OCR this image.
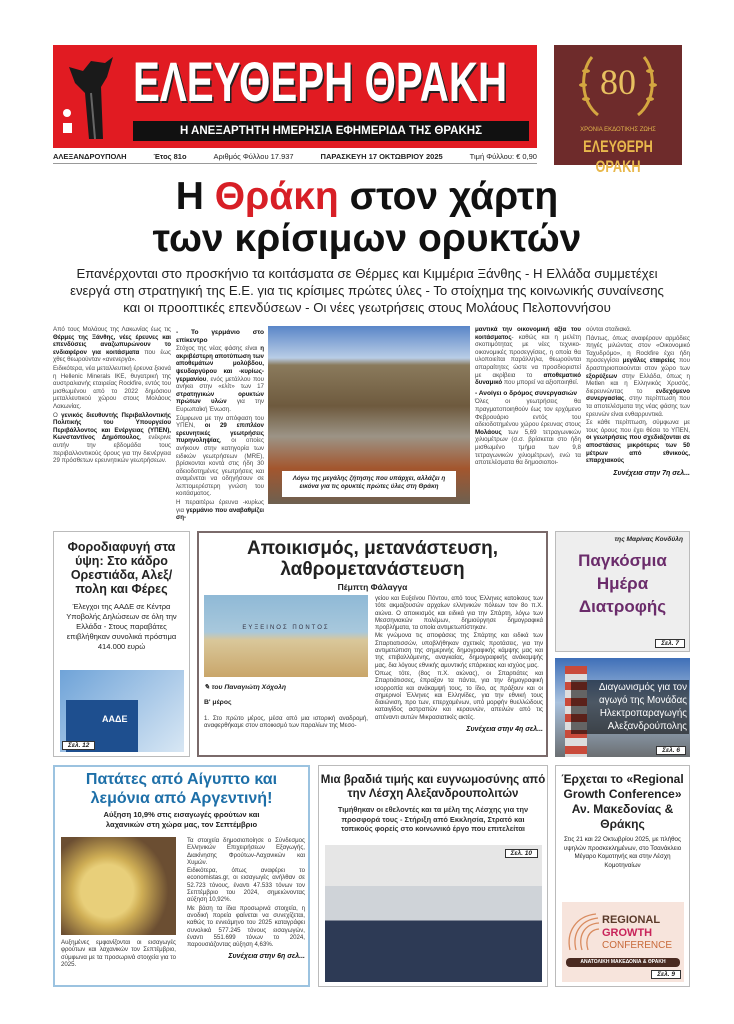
ΕΛΕΥΘΕΡΗ ΘΡΑΚΗ
Η ΑΝΕΞΑΡΤΗΤΗ ΗΜΕΡΗΣΙΑ ΕΦΗΜΕΡΙΔΑ ΤΗΣ ΘΡΑΚΗΣ
80
ΧΡΟΝΙΑ ΕΚΔΟΤΙΚΗΣ ΖΩΗΣ
ΕΛΕΥΘΕΡΗ ΘΡΑΚΗ
ΑΛΕΞΑΝΔΡΟΥΠΟΛΗ	Έτος 81ο	Αριθμός Φύλλου 17.937	ΠΑΡΑΣΚΕΥΗ 17 ΟΚΤΩΒΡΙΟΥ 2025	Τιμή Φύλλου: € 0,90
Η Θράκη στον χάρτη
των κρίσιμων ορυκτών
Επανέρχονται στο προσκήνιο τα κοιτάσματα σε Θέρμες και Κιμμέρια Ξάνθης - Η Ελλάδα συμμετέχει ενεργά στη στρατηγική της Ε.Ε. για τις κρίσιμες πρώτες ύλες - Το στοίχημα της κοινωνικής συναίνεσης και οι προοπτικές επενδύσεων - Οι νέες γεωτρήσεις στους Μολάους Πελοποννήσου

Από τους Μολάους της Λακωνίας έως τις Θέρμες της Ξάνθης, νέες έρευνες και επενδύσεις αναζωπυρώνουν το ενδιαφέρον για κοιτάσματα που έως χθες θεωρούνταν «ανενεργά».

Ειδικότερα, νέα μεταλλευτική έρευνα ξεκινά η Hellenic Minerals IKE, θυγατρική της αυστραλιανής εταιρείας Rockfire, εντός του μισθωμένου από το 2022 δημόσιου μεταλλευτικού χώρου στους Μολάους Λακωνίας.

Ο γενικός διευθυντής Περιβαλλοντικής Πολιτικής του Υπουργείου Περιβάλλοντος και Ενέργειας (ΥΠΕΝ), Κωνσταντίνος Δημόπουλος, ενέκρινε αυτήν την εβδομάδα τους περιβαλλοντικούς όρους για την διενέργεια 29 πρόσθετων ερευνητικών γεωτρήσεων.

- Το γερμάνιο στο επίκεντρο

Στόχος της νέας φάσης είναι η ακριβέστερη αποτύπωση των αποθεμάτων μολύβδου, ψευδαργύρου και -κυρίως- γερμανίου, ενός μετάλλου που ανήκει στην «ελίτ» των 17 στρατηγικών ορυκτών πρώτων υλών για την Ευρωπαϊκή Ένωση.

Σύμφωνα με την απόφαση του ΥΠΕΝ, οι 29 επιπλέον ερευνητικές γεωτρήσεις πυρηνοληψίας, οι οποίες ανήκουν στην κατηγορία των ειδικών γεωτρήσεων (MRE), βρίσκονται κοντά στις ήδη 30 αδειοδοτημένες γεωτρήσεις και αναμένεται να οδηγήσουν σε λεπτομερέστερη γνώση του κοιτάσματος.

Η περαιτέρω έρευνα -κυρίως για γερμάνιο που αναβαθμίζει ση-

Λόγω της μεγάλης ζήτησης που υπάρχει, αλλάζει η εικόνα για τις ορυκτές πρώτες ύλες στη Θράκη

μαντικά την οικονομική αξία του κοιτάσματος- καθώς και η μελέτη σκοπιμότητας με νέες τεχνικο-οικονομικές προσεγγίσεις, η οποία θα υλοποιείται παράλληλα, θεωρούνται απαραίτητες ώστε να προσδιοριστεί με ακρίβεια το αποθεματικό δυναμικό που μπορεί να αξιοποιηθεί.

- Ανοίγει ο δρόμος συνεργασιών

Όλες οι γεωτρήσεις θα πραγματοποιηθούν έως τον ερχόμενο Φεβρουάριο εντός του αδειοδοτημένου χώρου έρευνας στους Μολάους των 5,69 τετραγωνικών χιλιομέτρων (σ.σ. βρίσκεται στο ήδη μισθωμένο τμήμα των 9,8 τετραγωνικών χιλιομέτρων), ενώ τα αποτελέσματα θα δημοσιοποι-

ούνται σταδιακά.

Πάντως, όπως αναφέρουν αρμόδιες πηγές μιλώντας στον «Οικονομικό Ταχυδρόμο», η Rockfire έχει ήδη προσεγγίσει μεγάλες εταιρείες που δραστηριοποιούνται στον χώρο των εξορύξεων στην Ελλάδα, όπως η Metlen και η Ελληνικός Χρυσός, διερευνώντας το ενδεχόμενο συνεργασίας, στην περίπτωση που τα αποτελέσματα της νέας φάσης των ερευνών είναι ενθαρρυντικά.

Σε κάθε περίπτωση, σύμφωνα με τους όρους που έχει θέσει το ΥΠΕΝ, οι γεωτρήσεις που σχεδιάζονται σε αποστάσεις μικρότερες των 50 μέτρων από εθνικούς, επαρχιακούς

Συνέχεια στην 7η σελ...
Φοροδιαφυγή στα ύψη: Στο κάδρο Ορεστιάδα, Αλεξ/πολη και Φέρες
Έλεγχοι της ΑΑΔΕ σε Κέντρα Υποβολής Δηλώσεων σε όλη την Ελλάδα - Στους παραβάτες επιβλήθηκαν συνολικά πρόστιμα 414.000 ευρώ
ΑΑΔΕ
Σελ. 12
Αποικισμός, μετανάστευση, λαθρομετανάστευση
Πέμπτη Φάλαγγα
ΕΥΞΕΙΝΟΣ ΠΟΝΤΟΣ
✎ του Παναγιώτη Χόχολη
Β' μέρος
1. Στο πρώτο μέρος, μέσα από μια ιστορική αναδρομή, αναφερθήκαμε στον αποικισμό των παραλίων της Μεσο-

γείου και Ευξείνου Πόντου, από τους Έλληνες κατοίκους των τότε ακμαζουσών αρχαίων ελληνικών πόλεων τον 8ο π.Χ. αιώνα. Ο αποικισμός και ειδικά για την Σπάρτη, λόγω των Μεσσηνιακών πολέμων, δημιούργησε δημογραφικά προβλήματα, τα οποία αντιμετωπίστηκαν.

Με γνώμονα τις αποφάσεις της Σπάρτης και ειδικά των Σπαρτιατισσών, υποβλήθηκαν σχετικές προτάσεις, για την αντιμετώπιση της σημερινής δημογραφικής κάμψης μας και της επιβαλλόμενης, αναγκαίας, δημογραφικής ανάκαμψής μας, δια λόγους εθνικής αμυντικής επάρκειας και ισχύος μας.

Όπως τότε, (8ος π.Χ. αιώνας), οι Σπαρτιάτες και Σπαρτιάτισσες, έπραξαν τα πάντα, για την δημογραφική ισορροπία και ανάκαμψή τους, το ίδιο, ας πράξουν και οι σημερινοί Έλληνες και Ελληνίδες, για την εθνική τους διαιώνιση, προ των, επερχομένων, υπό μορφήν θυελλώδους καταιγίδος αστραπών και κεραυνών, απειλών από τις απέναντι αυτών Μικρασιατικές ακτές.

Συνέχεια στην 4η σελ...
της Μαρίνας Κονδύλη
Παγκόσμια Ημέρα Διατροφής
Σελ. 7
Διαγωνισμός για τον αγωγό της Μονάδας Ηλεκτροπαραγωγής Αλεξανδρούπολης
Σελ. 6
Πατάτες από Αίγυπτο και λεμόνια από Αργεντινή!
Αύξηση 10,9% στις εισαγωγές φρούτων και λαχανικών στη χώρα μας, τον Σεπτέμβριο
Αυξημένες εμφανίζονται οι εισαγωγές φρούτων και λαχανικών τον Σεπτέμβριο, σύμφωνα με τα προσωρινά στοιχεία για το 2025.

Τα στοιχεία δημοσιοποίησε ο Σύνδεσμος Ελληνικών Επιχειρήσεων Εξαγωγής, Διακίνησης Φρούτων-Λαχανικών και Χυμών.

Ειδικότερα, όπως αναφέρει το economistas.gr, οι εισαγωγές ανήλθαν σε 52.723 τόνους, έναντι 47.533 τόνων τον Σεπτέμβριο του 2024, σημειώνοντας αύξηση 10,92%.

Με βάση τα ίδια προσωρινά στοιχεία, η ανοδική πορεία φαίνεται να συνεχίζεται, καθώς το εννεάμηνο του 2025 καταγράφει συνολικά 577.245 τόνους εισαγωγών, έναντι 551.699 τόνων το 2024, παρουσιάζοντας αύξηση 4,63%.

Συνέχεια στην 6η σελ...
Μια βραδιά τιμής και ευγνωμοσύνης από την Λέσχη Αλεξανδρουπολιτών
Τιμήθηκαν οι εθελοντές και τα μέλη της Λέσχης για την προσφορά τους - Στήριξη από Εκκλησία, Στρατό και τοπικούς φορείς στο κοινωνικό έργο που επιτελείται
Σελ. 10
Έρχεται το «Regional Growth Conference» Αν. Μακεδονίας & Θράκης
Στις 21 και 22 Οκτωβρίου 2025, με πλήθος υψηλών προσκεκλημένων, στο Τσανάκλειο Μέγαρο Κομοτηνής και στην Λέσχη Κομοτηναίων
REGIONAL
GROWTH
CONFERENCE
ΑΝΑΤΟΛΙΚΗ ΜΑΚΕΔΟΝΙΑ & ΘΡΑΚΗ
Σελ. 9
